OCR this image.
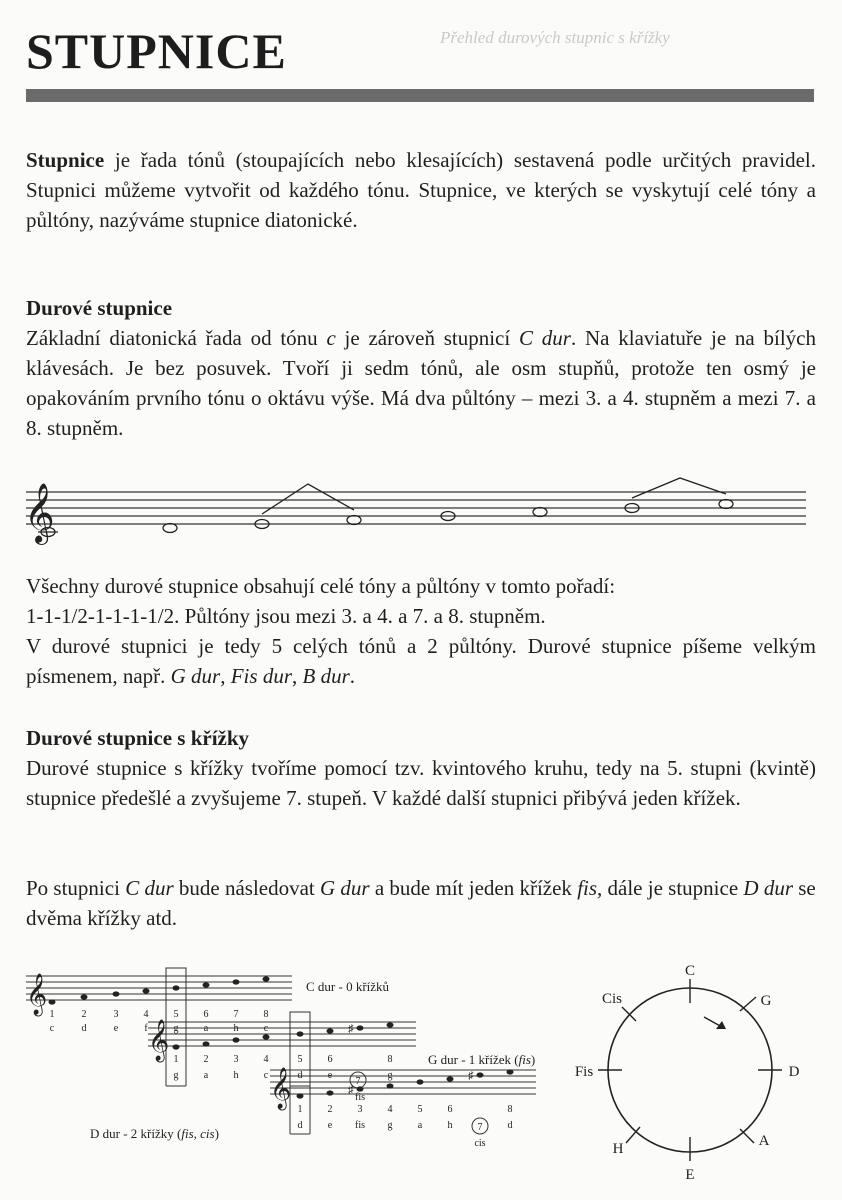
Přehled durových stupnic s křížky
STUPNICE

Stupnice je řada tónů (stoupajících nebo klesajících) sestavená podle určitých pravidel. Stupnici můžeme vytvořit od každého tónu. Stupnice, ve kterých se vyskytují celé tóny a půltóny, nazýváme stupnice diatonické.

Durové stupnice

Základní diatonická řada od tónu c je zároveň stupnicí C dur. Na klaviatuře je na bílých klávesách. Je bez posuvek. Tvoří ji sedm tónů, ale osm stupňů, protože ten osmý je opakováním prvního tónu o oktávu výše. Má dva půltóny – mezi 3. a 4. stupněm a mezi 7. a 8. stupněm.

𝄞

Všechny durové stupnice obsahují celé tóny a půltóny v tomto pořadí:

1-1-1/2-1-1-1-1/2. Půltóny jsou mezi 3. a 4. a 7. a 8. stupněm.

V durové stupnici je tedy 5 celých tónů a 2 půltóny. Durové stupnice píšeme velkým písmenem, např. G dur, Fis dur, B dur.

Durové stupnice s křížky

Durové stupnice s křížky tvoříme pomocí tzv. kvintového kruhu, tedy na 5. stupni (kvintě) stupnice předešlé a zvyšujeme 7. stupeň. V každé další stupnici přibývá jeden křížek.

Po stupnici C dur bude následovat G dur a bude mít jeden křížek fis, dále je stupnice D dur se dvěma křížky atd.

𝄞
𝄞
𝄞
♯
♯
♯
C dur - 0 křížků
G dur - 1 křížek (fis)
D dur - 2 křížky (fis, cis)
1	2	3	4	5	6	7	8
c	d	e	f	g	a	h	c
1	2	3	4	5	6
7
8
g	a	h	c	d	e
fis
g
1	2	3	4	5	6
7
8
d	e fis g	a	h
cis
d
C
G
D
A
E
H
Fis
Cis
